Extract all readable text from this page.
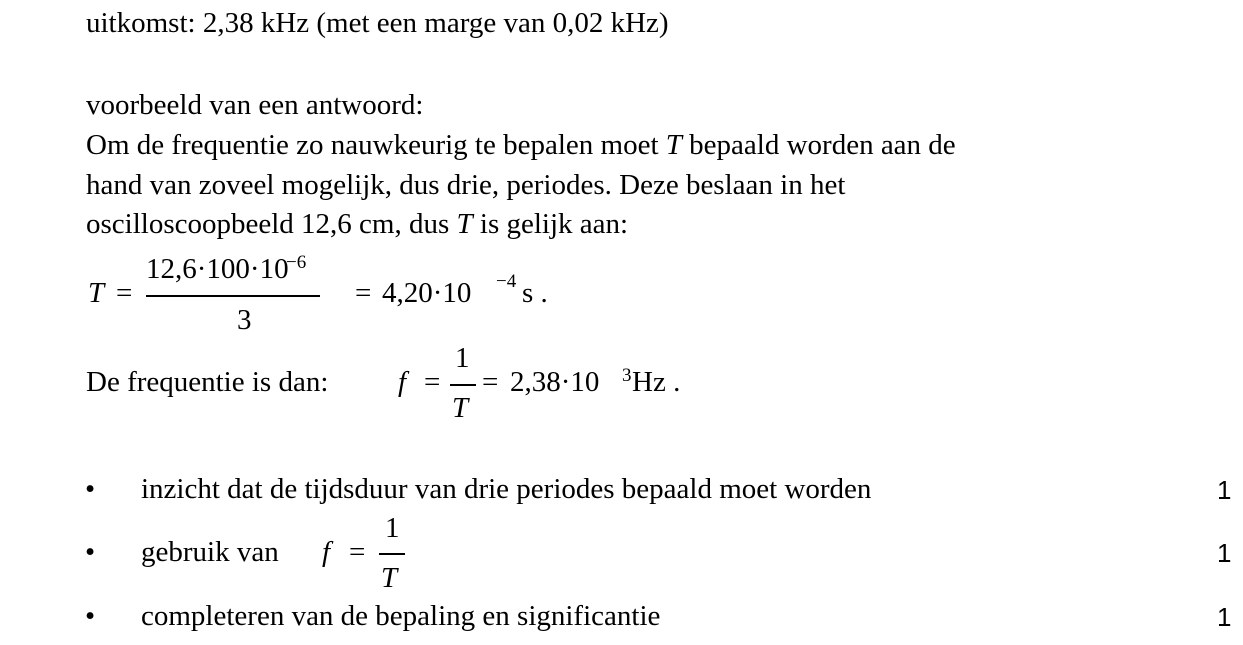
uitkomst: 2,38 kHz (met een marge van 0,02 kHz)
voorbeeld van een antwoord:
Om de frequentie zo nauwkeurig te bepalen moet T bepaald worden aan de
hand van zoveel mogelijk, dus drie, periodes. Deze beslaan in het
oscilloscoopbeeld 12,6 cm, dus T is gelijk aan:
T =
12,6·100·10
−6
3
= 4,20·10 −4 s .
De frequentie is dan: f =
1
T
= 2,38·10 3 Hz .
• inzicht dat de tijdsduur van drie periodes bepaald moet worden	1
• gebruik van f =
1
T
1
• completeren van de bepaling en significantie	1
